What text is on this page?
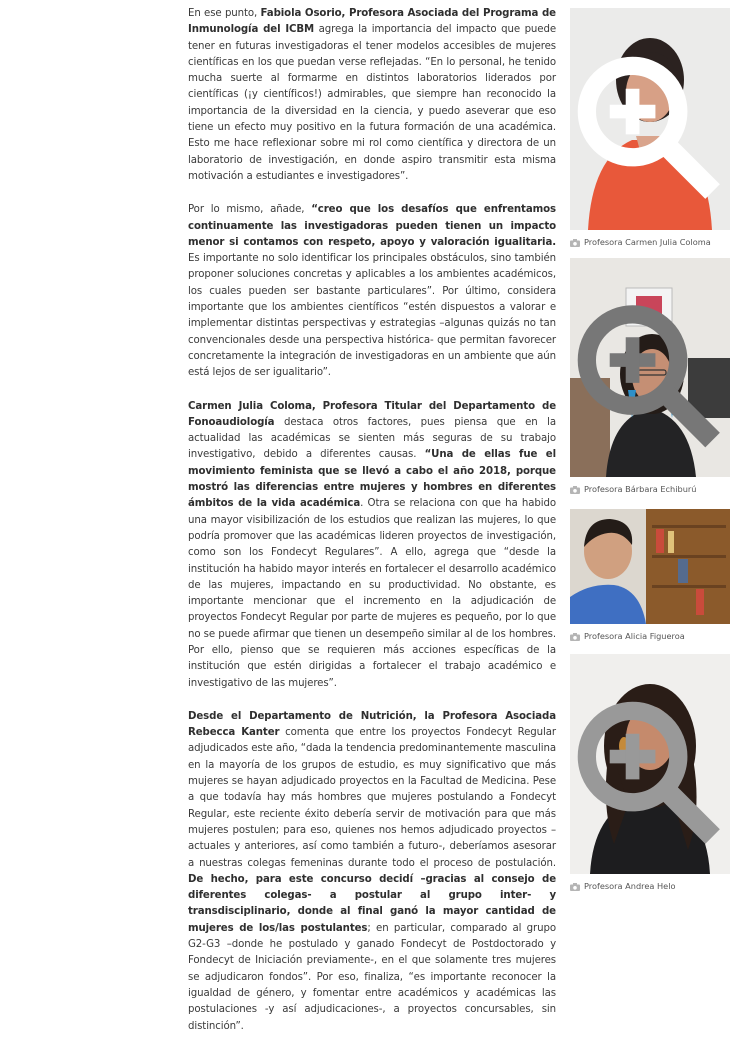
En ese punto, Fabiola Osorio, Profesora Asociada del Programa de Inmunología del ICBM agrega la importancia del impacto que puede tener en futuras investigadoras el tener modelos accesibles de mujeres científicas en los que puedan verse reflejadas. “En lo personal, he tenido mucha suerte al formarme en distintos laboratorios liderados por científicas (¡y científicos!) admirables, que siempre han reconocido la importancia de la diversidad en la ciencia, y puedo aseverar que eso tiene un efecto muy positivo en la futura formación de una académica. Esto me hace reflexionar sobre mi rol como científica y directora de un laboratorio de investigación, en donde aspiro transmitir esta misma motivación a estudiantes e investigadores”.

Por lo mismo, añade, “creo que los desafíos que enfrentamos continuamente las investigadoras pueden tienen un impacto menor si contamos con respeto, apoyo y valoración igualitaria. Es importante no solo identificar los principales obstáculos, sino también proponer soluciones concretas y aplicables a los ambientes académicos, los cuales pueden ser bastante particulares”. Por último, considera importante que los ambientes científicos “estén dispuestos a valorar e implementar distintas perspectivas y estrategias –algunas quizás no tan convencionales desde una perspectiva histórica- que permitan favorecer concretamente la integración de investigadoras en un ambiente que aún está lejos de ser igualitario”.

Carmen Julia Coloma, Profesora Titular del Departamento de Fonoaudiología destaca otros factores, pues piensa que en la actualidad las académicas se sienten más seguras de su trabajo investigativo, debido a diferentes causas. “Una de ellas fue el movimiento feminista que se llevó a cabo el año 2018, porque mostró las diferencias entre mujeres y hombres en diferentes ámbitos de la vida académica. Otra se relaciona con que ha habido una mayor visibilización de los estudios que realizan las mujeres, lo que podría promover que las académicas lideren proyectos de investigación, como son los Fondecyt Regulares”. A ello, agrega que “desde la institución ha habido mayor interés en fortalecer el desarrollo académico de las mujeres, impactando en su productividad. No obstante, es importante mencionar que el incremento en la adjudicación de proyectos Fondecyt Regular por parte de mujeres es pequeño, por lo que no se puede afirmar que tienen un desempeño similar al de los hombres. Por ello, pienso que se requieren más acciones específicas de la institución que estén dirigidas a fortalecer el trabajo académico e investigativo de las mujeres”.

Desde el Departamento de Nutrición, la Profesora Asociada Rebecca Kanter comenta que entre los proyectos Fondecyt Regular adjudicados este año, “dada la tendencia predominantemente masculina en la mayoría de los grupos de estudio, es muy significativo que más mujeres se hayan adjudicado proyectos en la Facultad de Medicina. Pese a que todavía hay más hombres que mujeres postulando a Fondecyt Regular, este reciente éxito debería servir de motivación para que más mujeres postulen; para eso, quienes nos hemos adjudicado proyectos –actuales y anteriores, así como también a futuro-, deberíamos asesorar a nuestras colegas femeninas durante todo el proceso de postulación. De hecho, para este concurso decidí –gracias al consejo de diferentes colegas- a postular al grupo inter- y transdisciplinario, donde al final ganó la mayor cantidad de mujeres de los/las postulantes; en particular, comparado al grupo G2-G3 –donde he postulado y ganado Fondecyt de Postdoctorado y Fondecyt de Iniciación previamente-, en el que solamente tres mujeres se adjudicaron fondos”. Por eso, finaliza, “es importante reconocer la igualdad de género, y fomentar entre académicos y académicas las postulaciones -y así adjudicaciones-, a proyectos concursables, sin distinción”.

Profesora Carmen Julia Coloma
Profesora Bárbara Echiburú
Profesora Alicia Figueroa
Profesora Andrea Helo
